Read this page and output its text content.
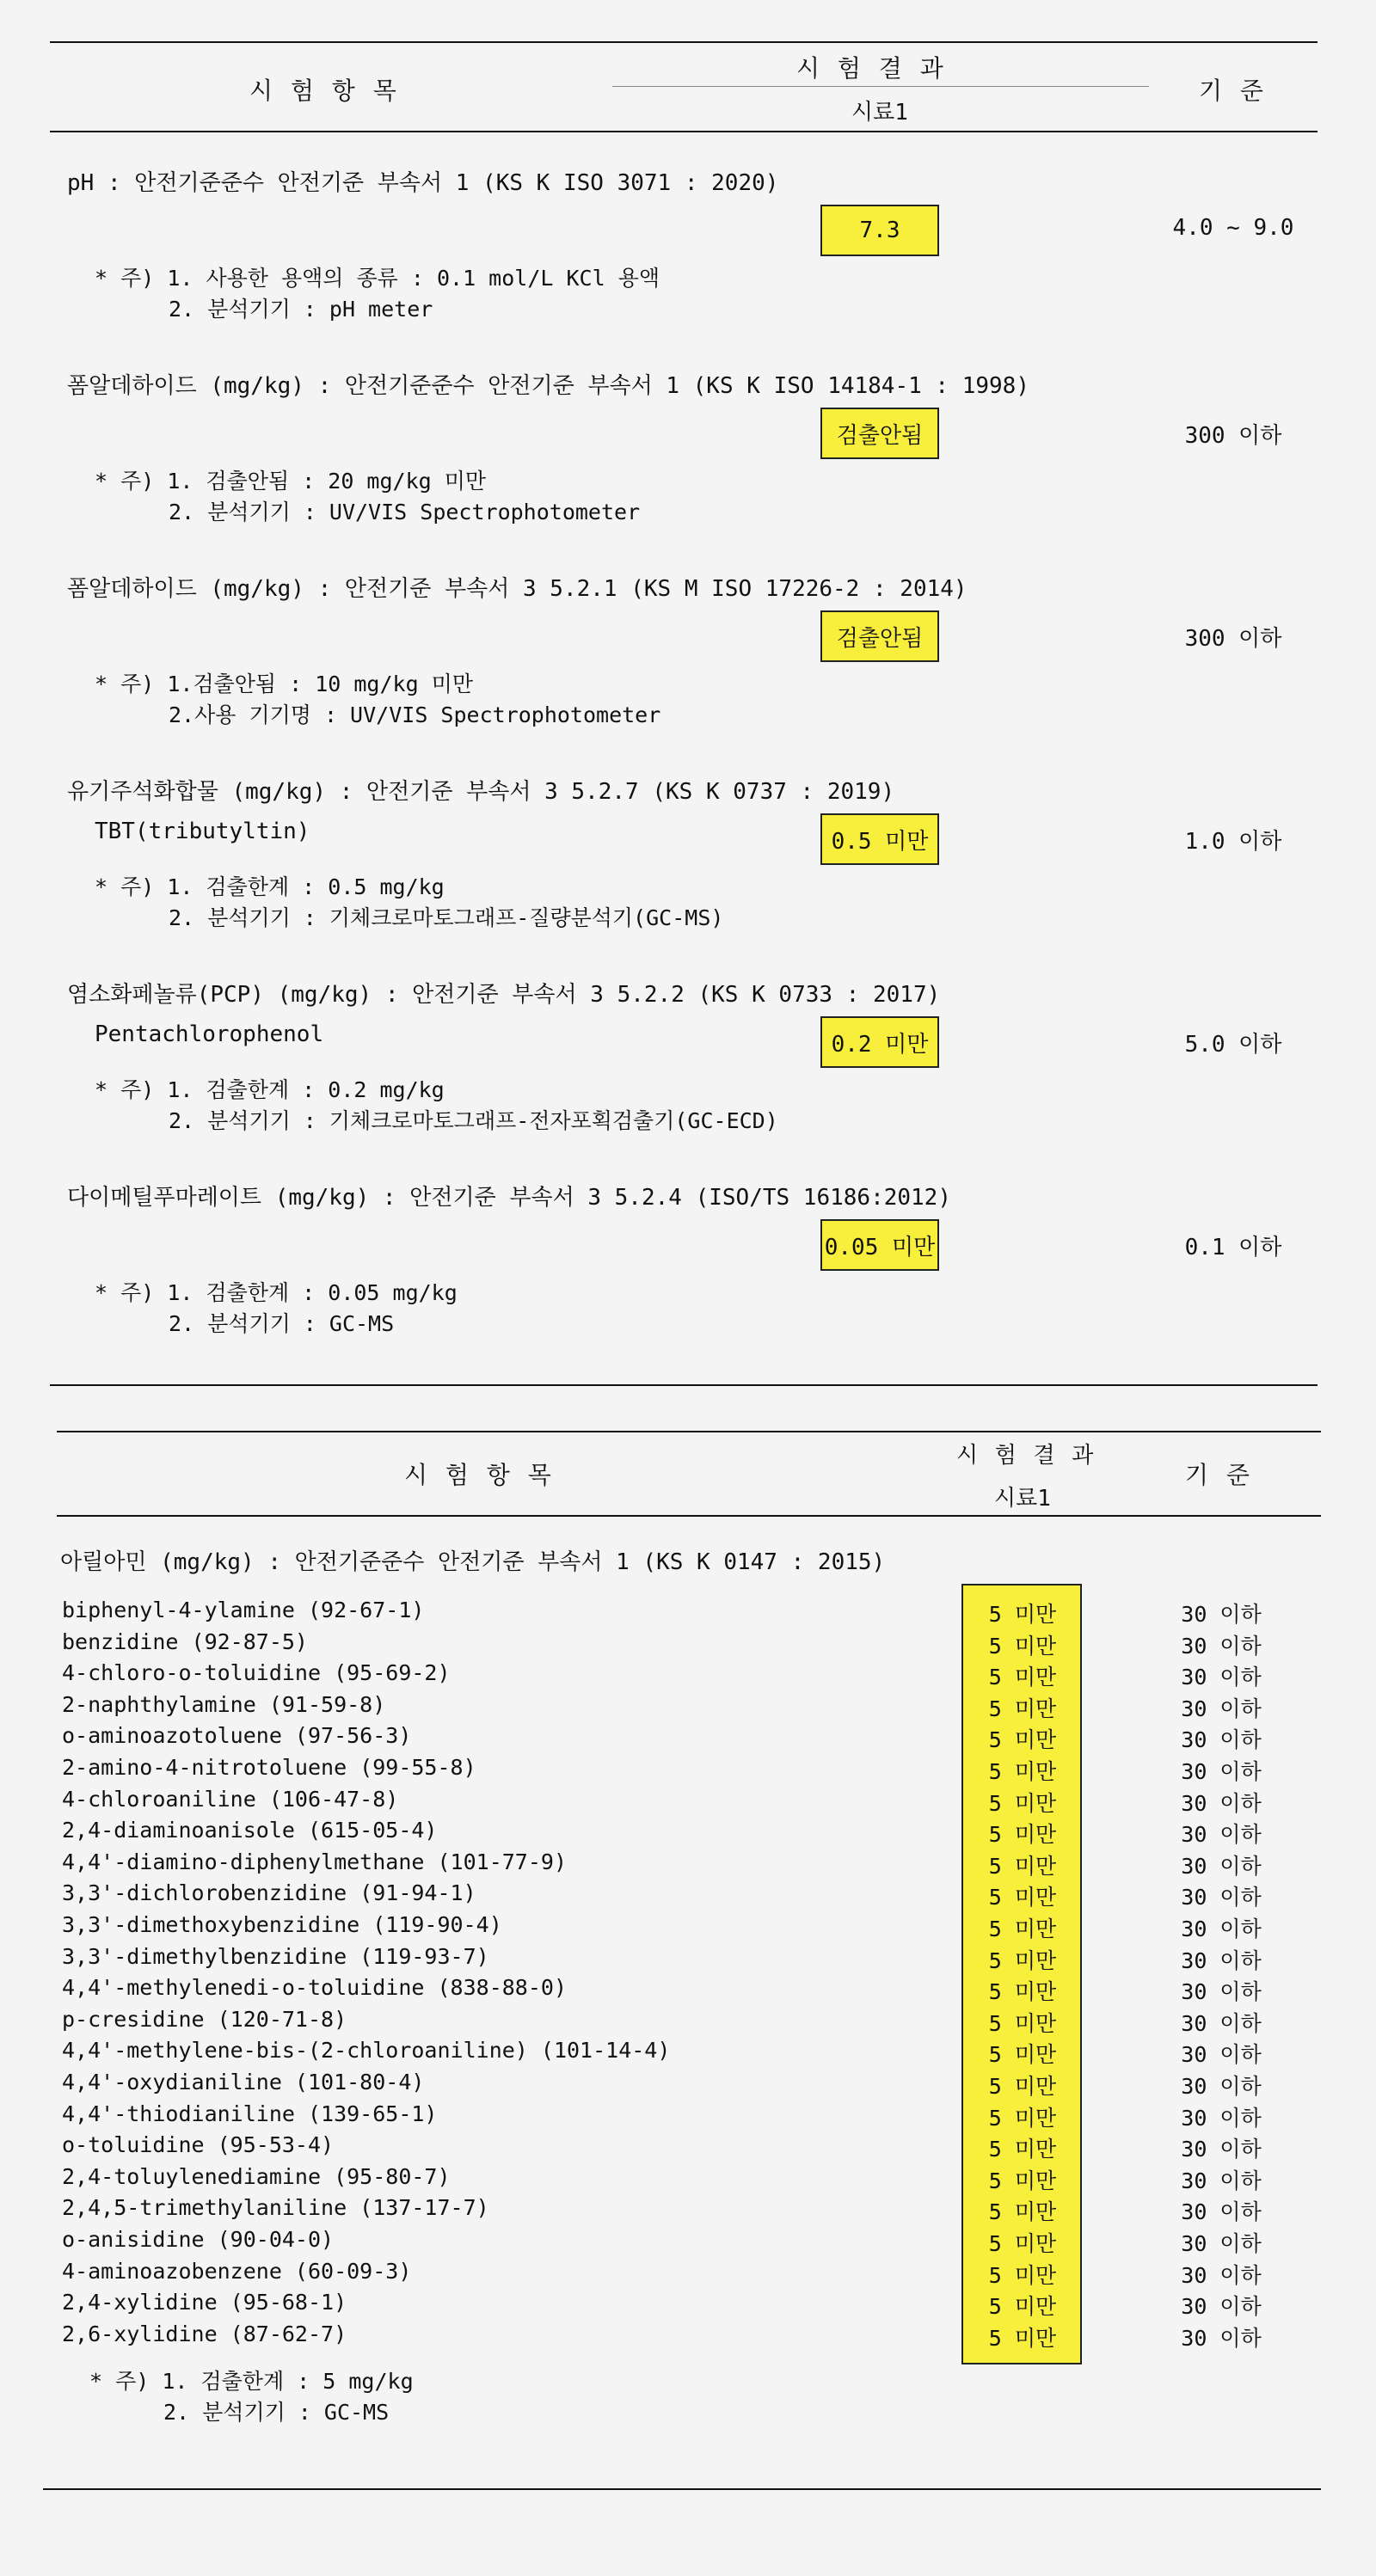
시 험 항 목
시 험 결 과
시료1
기 준
pH : 안전기준준수 안전기준 부속서 1 (KS K ISO 3071 : 2020)
7.3	4.0 ~ 9.0
* 주) 1. 사용한 용액의 종류 : 0.1 mol/L KCl 용액
2. 분석기기 : pH meter
폼알데하이드 (mg/kg) : 안전기준준수 안전기준 부속서 1 (KS K ISO 14184-1 : 1998)
검출안됨	300 이하
* 주) 1. 검출안됨 : 20 mg/kg 미만
2. 분석기기 : UV/VIS Spectrophotometer
폼알데하이드 (mg/kg) : 안전기준 부속서 3 5.2.1 (KS M ISO 17226-2 : 2014)
검출안됨	300 이하
* 주) 1.검출안됨 : 10 mg/kg 미만
2.사용 기기명 : UV/VIS Spectrophotometer
유기주석화합물 (mg/kg) : 안전기준 부속서 3 5.2.7 (KS K 0737 : 2019)
TBT(tributyltin)	0.5 미만	1.0 이하
* 주) 1. 검출한계 : 0.5 mg/kg
2. 분석기기 : 기체크로마토그래프-질량분석기(GC-MS)
염소화페놀류(PCP) (mg/kg) : 안전기준 부속서 3 5.2.2 (KS K 0733 : 2017)
Pentachlorophenol	0.2 미만	5.0 이하
* 주) 1. 검출한계 : 0.2 mg/kg
2. 분석기기 : 기체크로마토그래프-전자포획검출기(GC-ECD)
다이메틸푸마레이트 (mg/kg) : 안전기준 부속서 3 5.2.4 (ISO/TS 16186:2012)
0.05 미만	0.1 이하
* 주) 1. 검출한계 : 0.05 mg/kg
2. 분석기기 : GC-MS
시 험 항 목
시 험 결 과
시료1
기 준
아릴아민 (mg/kg) : 안전기준준수 안전기준 부속서 1 (KS K 0147 : 2015)
biphenyl-4-ylamine (92-67-1)	5 미만	30 이하
benzidine (92-87-5)	5 미만	30 이하
4-chloro-o-toluidine (95-69-2)	5 미만	30 이하
2-naphthylamine (91-59-8)	5 미만	30 이하
o-aminoazotoluene (97-56-3)	5 미만	30 이하
2-amino-4-nitrotoluene (99-55-8)	5 미만	30 이하
4-chloroaniline (106-47-8)	5 미만	30 이하
2,4-diaminoanisole (615-05-4)	5 미만	30 이하
4,4'-diamino-diphenylmethane (101-77-9)	5 미만	30 이하
3,3'-dichlorobenzidine (91-94-1)	5 미만	30 이하
3,3'-dimethoxybenzidine (119-90-4)	5 미만	30 이하
3,3'-dimethylbenzidine (119-93-7)	5 미만	30 이하
4,4'-methylenedi-o-toluidine (838-88-0)	5 미만	30 이하
p-cresidine (120-71-8)	5 미만	30 이하
4,4'-methylene-bis-(2-chloroaniline) (101-14-4)	5 미만	30 이하
4,4'-oxydianiline (101-80-4)	5 미만	30 이하
4,4'-thiodianiline (139-65-1)	5 미만	30 이하
o-toluidine (95-53-4)	5 미만	30 이하
2,4-toluylenediamine (95-80-7)	5 미만	30 이하
2,4,5-trimethylaniline (137-17-7)	5 미만	30 이하
o-anisidine (90-04-0)	5 미만	30 이하
4-aminoazobenzene (60-09-3)	5 미만	30 이하
2,4-xylidine (95-68-1)	5 미만	30 이하
2,6-xylidine (87-62-7)	5 미만	30 이하
* 주) 1. 검출한계 : 5 mg/kg
2. 분석기기 : GC-MS
